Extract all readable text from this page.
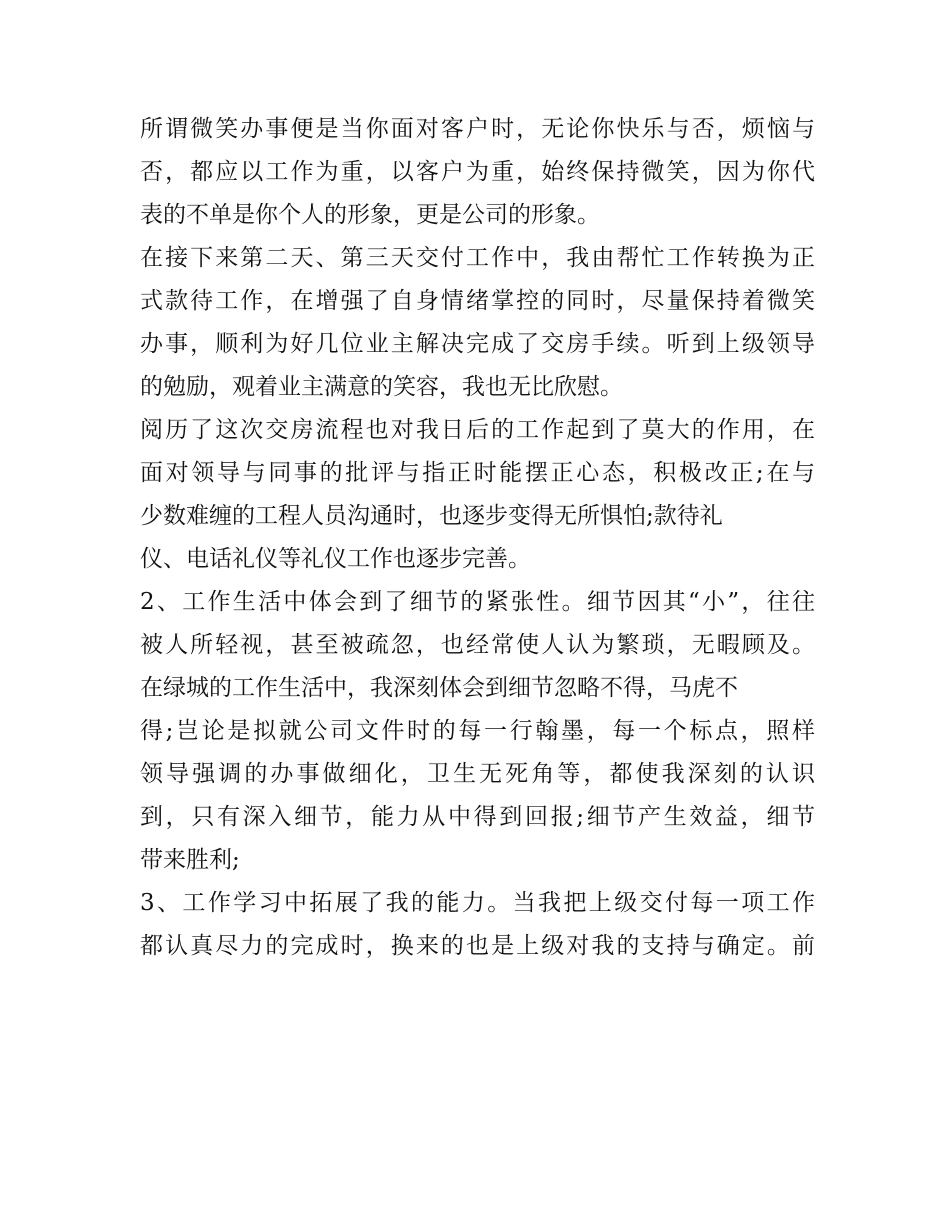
所谓微笑办事便是当你面对客户时，无论你快乐与否，烦恼与
否，都应以工作为重，以客户为重，始终保持微笑，因为你代
表的不单是你个人的形象，更是公司的形象。
在接下来第二天、第三天交付工作中，我由帮忙工作转换为正
式款待工作，在增强了自身情绪掌控的同时，尽量保持着微笑
办事，顺利为好几位业主解决完成了交房手续。听到上级领导
的勉励，观着业主满意的笑容，我也无比欣慰。
阅历了这次交房流程也对我日后的工作起到了莫大的作用，在
面对领导与同事的批评与指正时能摆正心态，积极改正;在与
少数难缠的工程人员沟通时，也逐步变得无所惧怕;款待礼
仪、电话礼仪等礼仪工作也逐步完善。
2、工作生活中体会到了细节的紧张性。细节因其“小”，往往
被人所轻视，甚至被疏忽，也经常使人认为繁琐，无暇顾及。
在绿城的工作生活中，我深刻体会到细节忽略不得，马虎不
得;岂论是拟就公司文件时的每一行翰墨，每一个标点，照样
领导强调的办事做细化，卫生无死角等，都使我深刻的认识
到，只有深入细节，能力从中得到回报;细节产生效益，细节
带来胜利;
3、工作学习中拓展了我的能力。当我把上级交付每一项工作
都认真尽力的完成时，换来的也是上级对我的支持与确定。前
